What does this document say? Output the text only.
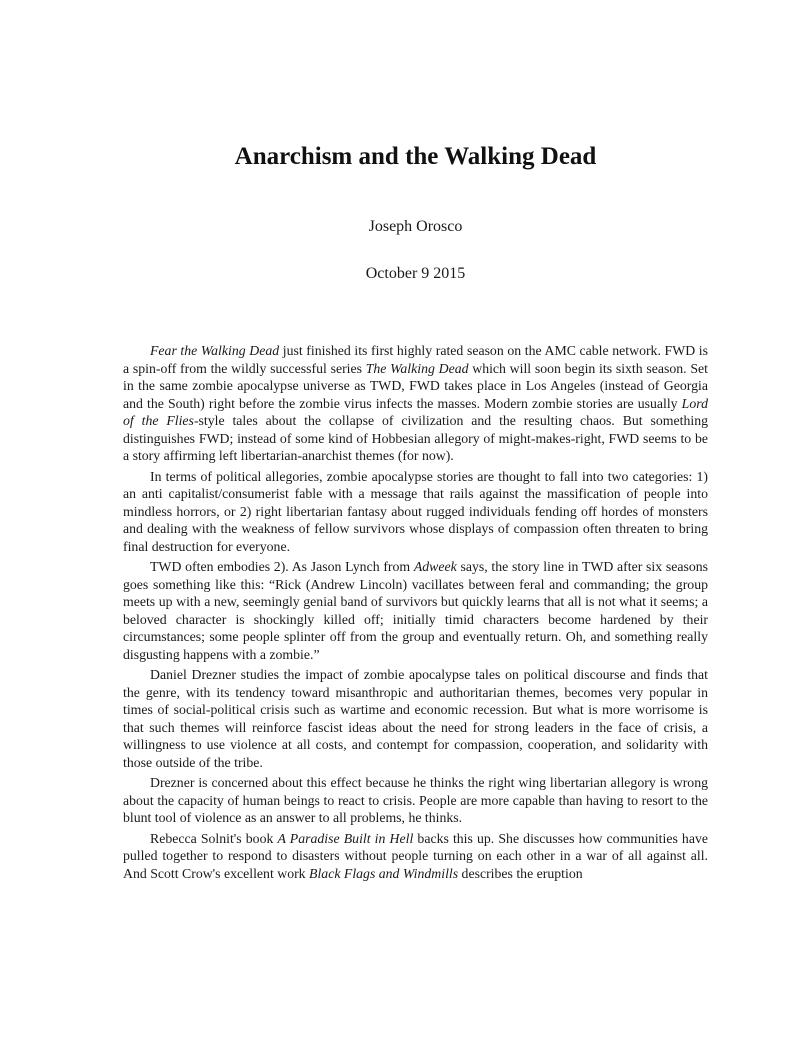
Anarchism and the Walking Dead
Joseph Orosco
October 9 2015

Fear the Walking Dead just finished its first highly rated season on the AMC cable network. FWD is a spin-off from the wildly successful series The Walking Dead which will soon begin its sixth season. Set in the same zombie apocalypse universe as TWD, FWD takes place in Los Angeles (instead of Georgia and the South) right before the zombie virus infects the masses. Modern zombie stories are usually Lord of the Flies-style tales about the collapse of civilization and the resulting chaos. But something distinguishes FWD; instead of some kind of Hobbesian allegory of might-makes-right, FWD seems to be a story affirming left libertarian-anarchist themes (for now).

In terms of political allegories, zombie apocalypse stories are thought to fall into two categories: 1) an anti capitalist/consumerist fable with a message that rails against the massification of people into mindless horrors, or 2) right libertarian fantasy about rugged individuals fending off hordes of monsters and dealing with the weakness of fellow survivors whose displays of compassion often threaten to bring final destruction for everyone.

TWD often embodies 2). As Jason Lynch from Adweek says, the story line in TWD after six seasons goes something like this: “Rick (Andrew Lincoln) vacillates between feral and commanding; the group meets up with a new, seemingly genial band of survivors but quickly learns that all is not what it seems; a beloved character is shockingly killed off; initially timid characters become hardened by their circumstances; some people splinter off from the group and eventually return. Oh, and something really disgusting happens with a zombie.”

Daniel Drezner studies the impact of zombie apocalypse tales on political discourse and finds that the genre, with its tendency toward misanthropic and authoritarian themes, becomes very popular in times of social-political crisis such as wartime and economic recession. But what is more worrisome is that such themes will reinforce fascist ideas about the need for strong leaders in the face of crisis, a willingness to use violence at all costs, and contempt for compassion, cooperation, and solidarity with those outside of the tribe.

Drezner is concerned about this effect because he thinks the right wing libertarian allegory is wrong about the capacity of human beings to react to crisis. People are more capable than having to resort to the blunt tool of violence as an answer to all problems, he thinks.

Rebecca Solnit's book A Paradise Built in Hell backs this up. She discusses how communities have pulled together to respond to disasters without people turning on each other in a war of all against all. And Scott Crow's excellent work Black Flags and Windmills describes the eruption
